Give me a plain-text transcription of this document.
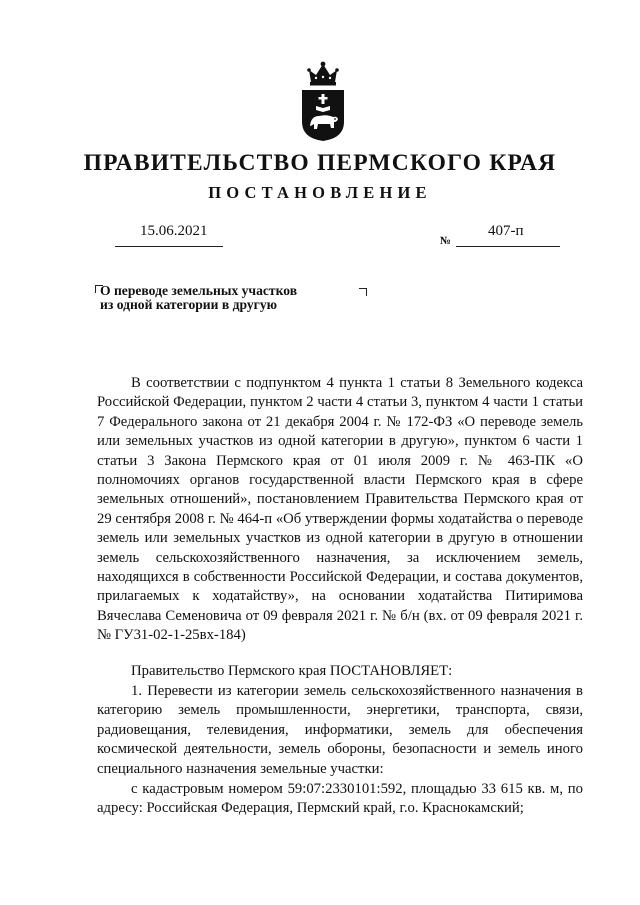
ПРАВИТЕЛЬСТВО ПЕРМСКОГО КРАЯ
ПОСТАНОВЛЕНИЕ
15.06.2021
№
407-п
О переводе земельных участков
из одной категории в другую
В соответствии с подпунктом 4 пункта 1 статьи 8 Земельного кодекса Российской Федерации, пунктом 2 части 4 статьи 3, пунктом 4 части 1 статьи 7 Федерального закона от 21 декабря 2004 г. № 172-ФЗ «О переводе земель или земельных участков из одной категории в другую», пунктом 6 части 1 статьи 3 Закона Пермского края от 01 июля 2009 г. № 463-ПК «О полномочиях органов государственной власти Пермского края в сфере земельных отношений», постановлением Правительства Пермского края от 29 сентября 2008 г. № 464-п «Об утверждении формы ходатайства о переводе земель или земельных участков из одной категории в другую в отношении земель сельскохозяйственного назначения, за исключением земель, находящихся в собственности Российской Федерации, и состава документов, прилагаемых к ходатайству», на основании ходатайства Питиримова Вячеслава Семеновича от 09 февраля 2021 г. № б/н (вх. от 09 февраля 2021 г. № ГУ31-02-1-25вх-184)
Правительство Пермского края ПОСТАНОВЛЯЕТ:
1. Перевести из категории земель сельскохозяйственного назначения в категорию земель промышленности, энергетики, транспорта, связи, радиовещания, телевидения, информатики, земель для обеспечения космической деятельности, земель обороны, безопасности и земель иного специального назначения земельные участки:
с кадастровым номером 59:07:2330101:592, площадью 33 615 кв. м, по адресу: Российская Федерация, Пермский край, г.о. Краснокамский;
